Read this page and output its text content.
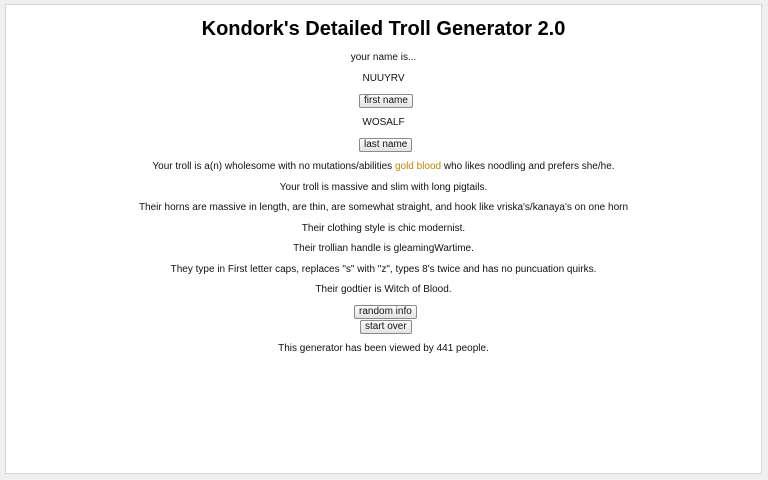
Kondork's Detailed Troll Generator 2.0
your name is...
NUUYRV
first name
WOSALF
last name
Your troll is a(n) wholesome with no mutations/abilities gold blood who likes noodling and prefers she/he.
Your troll is massive and slim with long pigtails.
Their horns are massive in length, are thin, are somewhat straight, and hook like vriska's/kanaya's on one horn
Their clothing style is chic modernist.
Their trollian handle is gleamingWartime.
They type in First letter caps, replaces "s" with "z", types 8's twice and has no puncuation quirks.
Their godtier is Witch of Blood.
random info
start over
This generator has been viewed by 441 people.
